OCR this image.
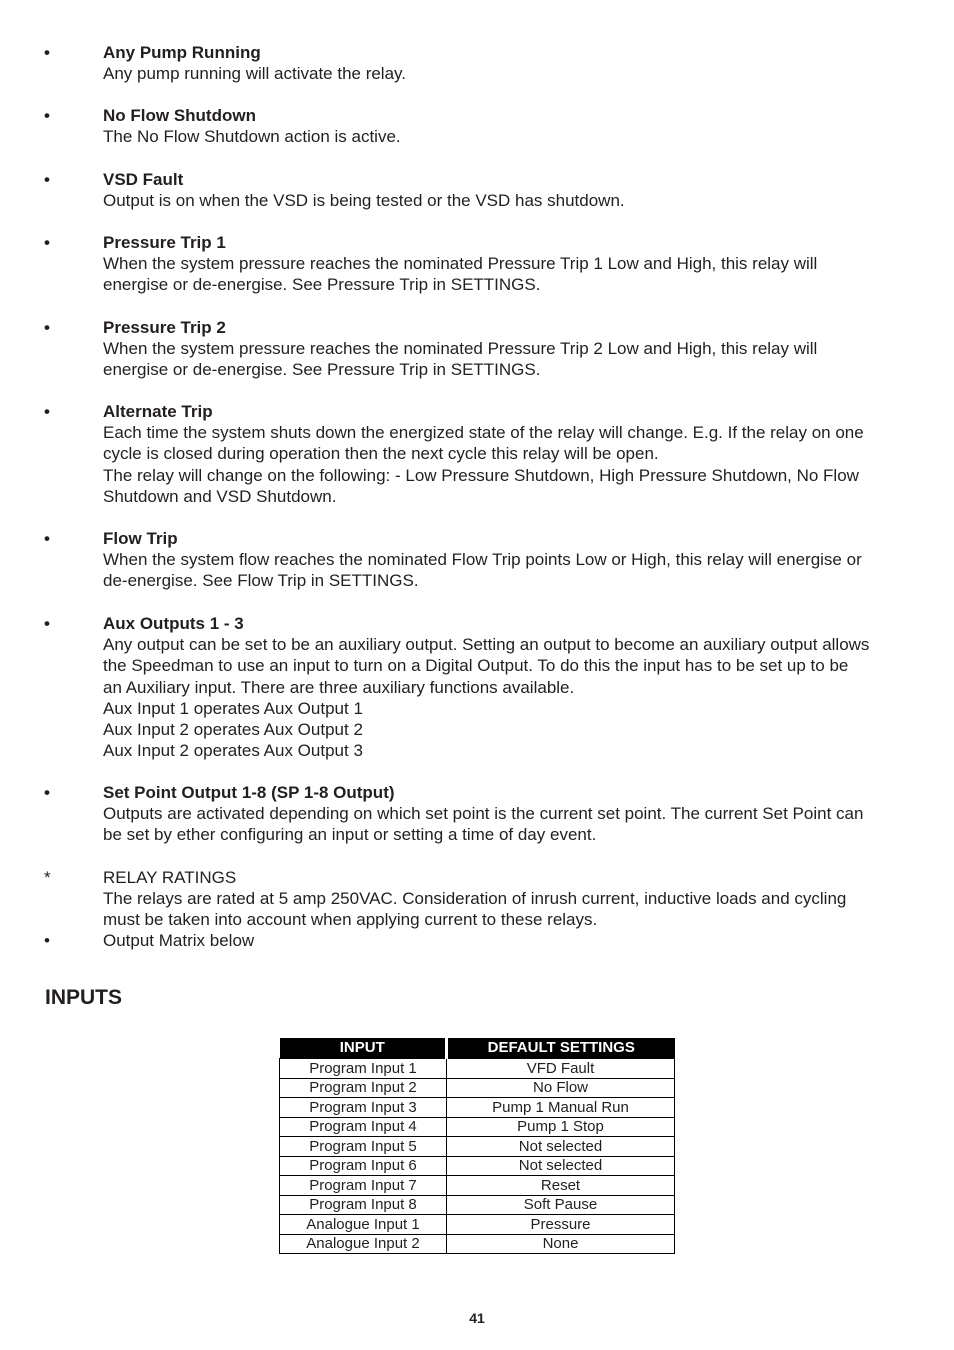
•	Any Pump Running
Any pump running will activate the relay.
•	No Flow Shutdown
The No Flow Shutdown action is active.
•	VSD Fault
Output is on when the VSD is being tested or the VSD has shutdown.
•	Pressure Trip 1
When the system pressure reaches the nominated Pressure Trip 1 Low and High, this relay will
energise or de-energise. See Pressure Trip in SETTINGS.
•	Pressure Trip 2
When the system pressure reaches the nominated Pressure Trip 2 Low and High, this relay will
energise or de-energise. See Pressure Trip in SETTINGS.
•	Alternate Trip
Each time the system shuts down the energized state of the relay will change. E.g. If the relay on one
cycle is closed during operation then the next cycle this relay will be open.
The relay will change on the following: - Low Pressure Shutdown, High Pressure Shutdown, No Flow
Shutdown and VSD Shutdown.
•	Flow Trip
When the system flow reaches the nominated Flow Trip points Low or High, this relay will energise or
de-energise. See Flow Trip in SETTINGS.
•	Aux Outputs 1 - 3
Any output can be set to be an auxiliary output. Setting an output to become an auxiliary output allows
the Speedman to use an input to turn on a Digital Output. To do this the input has to be set up to be
an Auxiliary input. There are three auxiliary functions available.
Aux Input 1 operates Aux Output 1
Aux Input 2 operates Aux Output 2
Aux Input 2 operates Aux Output 3
•	Set Point Output 1-8 (SP 1-8 Output)
Outputs are activated depending on which set point is the current set point. The current Set Point can
be set by ether configuring an input or setting a time of day event.
*	RELAY RATINGS
The relays are rated at 5 amp 250VAC. Consideration of inrush current, inductive loads and cycling
must be taken into account when applying current to these relays.
•	Output Matrix below
INPUTS
INPUT	DEFAULT SETTINGS
Program Input 1	VFD Fault
Program Input 2	No Flow
Program Input 3	Pump 1 Manual Run
Program Input 4	Pump 1 Stop
Program Input 5	Not selected
Program Input 6	Not selected
Program Input 7	Reset
Program Input 8	Soft Pause
Analogue Input 1	Pressure
Analogue Input 2	None
41
